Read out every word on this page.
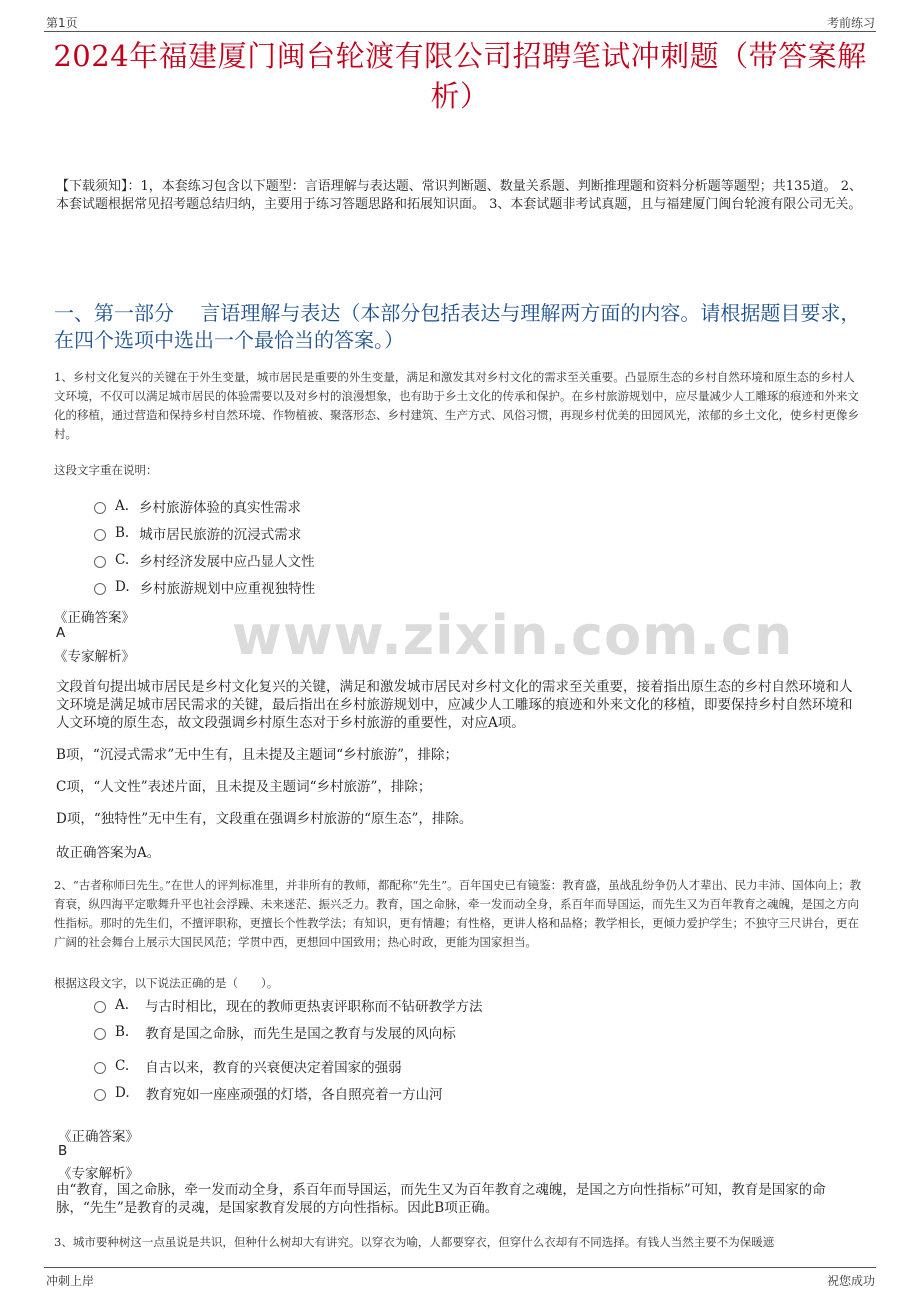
第1页	考前练习
2024年福建厦门闽台轮渡有限公司招聘笔试冲刺题（带答案解析）
【下载须知】：1，本套练习包含以下题型：言语理解与表达题、常识判断题、数量关系题、判断推理题和资料分析题等题型；共135道。 2、本套试题根据常见招考题总结归纳，主要用于练习答题思路和拓展知识面。 3、本套试题非考试真题，且与福建厦门闽台轮渡有限公司无关。
一、第一部分　 言语理解与表达（本部分包括表达与理解两方面的内容。请根据题目要求，在四个选项中选出一个最恰当的答案。）
www.zixin.com.cn
1、乡村文化复兴的关键在于外生变量，城市居民是重要的外生变量，满足和激发其对乡村文化的需求至关重要。凸显原生态的乡村自然环境和原生态的乡村人文环境，不仅可以满足城市居民的体验需要以及对乡村的浪漫想象，也有助于乡土文化的传承和保护。在乡村旅游规划中，应尽量减少人工雕琢的痕迹和外来文化的移植，通过营造和保持乡村自然环境、作物植被、聚落形态、乡村建筑、生产方式、风俗习惯，再现乡村优美的田园风光，浓郁的乡土文化，使乡村更像乡村。
这段文字重在说明：
A. 乡村旅游体验的真实性需求
B. 城市居民旅游的沉浸式需求
C. 乡村经济发展中应凸显人文性
D. 乡村旅游规划中应重视独特性
《正确答案》
A
《专家解析》
文段首句提出城市居民是乡村文化复兴的关键，满足和激发城市居民对乡村文化的需求至关重要，接着指出原生态的乡村自然环境和人文环境是满足城市居民需求的关键，最后指出在乡村旅游规划中，应减少人工雕琢的痕迹和外来文化的移植，即要保持乡村自然环境和人文环境的原生态，故文段强调乡村原生态对于乡村旅游的重要性，对应A项。
B项，“沉浸式需求”无中生有，且未提及主题词“乡村旅游”，排除；
C项，“人文性”表述片面，且未提及主题词“乡村旅游”，排除；
D项，“独特性”无中生有，文段重在强调乡村旅游的“原生态”，排除。
故正确答案为A。
2、“古者称师曰先生。”在世人的评判标准里，并非所有的教师，都配称“先生”。百年国史已有镜鉴：教育盛，虽战乱纷争仍人才辈出、民力丰沛、国体向上；教育衰，纵四海平定歌舞升平也社会浮躁、未来迷茫、振兴乏力。教育，国之命脉，牵一发而动全身，系百年而导国运，而先生又为百年教育之魂魄，是国之方向性指标。那时的先生们，不擅评职称，更擅长个性教学法；有知识，更有情趣；有性格，更讲人格和品格；教学相长，更倾力爱护学生；不独守三尺讲台，更在广阔的社会舞台上展示大国民风范；学贯中西，更想回中国致用；热心时政，更能为国家担当。
根据这段文字，以下说法正确的是（　　）。
A. 与古时相比，现在的教师更热衷评职称而不钻研教学方法
B. 教育是国之命脉，而先生是国之教育与发展的风向标
C. 自古以来，教育的兴衰便决定着国家的强弱
D. 教育宛如一座座顽强的灯塔，各自照亮着一方山河
《正确答案》
B
《专家解析》
由“教育，国之命脉，牵一发而动全身，系百年而导国运，而先生又为百年教育之魂魄，是国之方向性指标”可知，教育是国家的命脉，“先生”是教育的灵魂，是国家教育发展的方向性指标。因此B项正确。
3、城市要种树这一点虽说是共识，但种什么树却大有讲究。以穿衣为喻，人都要穿衣，但穿什么衣却有不同选择。有钱人当然主要不为保暖遮
冲刺上岸	祝您成功
